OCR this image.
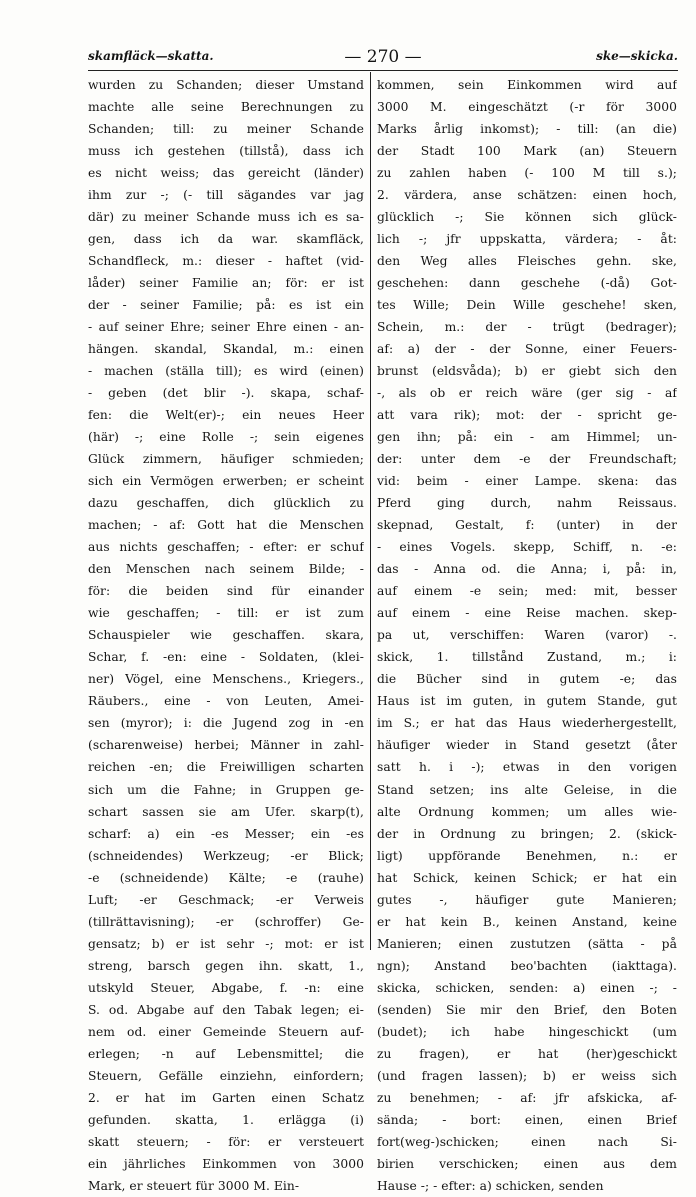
skamfläck—skatta.	— 270 —	ske—skicka.
wurden zu Schanden; dieser Umstand
machte alle seine Berechnungen zu
Schanden; till: zu meiner Schande
muss ich gestehen (tillstå), dass ich
es nicht weiss; das gereicht (länder)
ihm zur -; (- till sägandes var jag
där) zu meiner Schande muss ich es sa-
gen, dass ich da war. skamfläck,
Schandfleck, m.: dieser - haftet (vid-
låder) seiner Familie an; för: er ist
der - seiner Familie; på: es ist ein
- auf seiner Ehre; seiner Ehre einen - an-
hängen. skandal, Skandal, m.: einen
- machen (ställa till); es wird (einen)
- geben (det blir -). skapa, schaf-
fen: die Welt(er)-; ein neues Heer
(här) -; eine Rolle -; sein eigenes
Glück zimmern, häufiger schmieden;
sich ein Vermögen erwerben; er scheint
dazu geschaffen, dich glücklich zu
machen; - af: Gott hat die Menschen
aus nichts geschaffen; - efter: er schuf
den Menschen nach seinem Bilde; -
för: die beiden sind für einander
wie geschaffen; - till: er ist zum
Schauspieler wie geschaffen. skara,
Schar, f. -en: eine - Soldaten, (klei-
ner) Vögel, eine Menschens., Kriegers.,
Räubers., eine - von Leuten, Amei-
sen (myror); i: die Jugend zog in -en
(scharenweise) herbei; Männer in zahl-
reichen -en; die Freiwilligen scharten
sich um die Fahne; in Gruppen ge-
schart sassen sie am Ufer. skarp(t),
scharf: a) ein -es Messer; ein -es
(schneidendes) Werkzeug; -er Blick;
-e (schneidende) Kälte; -e (rauhe)
Luft; -er Geschmack; -er Verweis
(tillrättavisning); -er (schroffer) Ge-
gensatz; b) er ist sehr -; mot: er ist
streng, barsch gegen ihn. skatt, 1.,
utskyld Steuer, Abgabe, f. -n: eine
S. od. Abgabe auf den Tabak legen; ei-
nem od. einer Gemeinde Steuern auf-
erlegen; -n auf Lebensmittel; die
Steuern, Gefälle einziehn, einfordern;
2. er hat im Garten einen Schatz
gefunden. skatta, 1. erlägga (i)
skatt steuern; - för: er versteuert
ein jährliches Einkommen von 3000
Mark, er steuert für 3000 M. Ein-
kommen, sein Einkommen wird auf
3000 M. eingeschätzt (-r för 3000
Marks årlig inkomst); - till: (an die)
der Stadt 100 Mark (an) Steuern
zu zahlen haben (- 100 M till s.);
2. värdera, anse schätzen: einen hoch,
glücklich -; Sie können sich glück-
lich -; jfr uppskatta, värdera; - åt:
den Weg alles Fleisches gehn. ske,
geschehen: dann geschehe (-då) Got-
tes Wille; Dein Wille geschehe! sken,
Schein, m.: der - trügt (bedrager);
af: a) der - der Sonne, einer Feuers-
brunst (eldsvåda); b) er giebt sich den
-, als ob er reich wäre (ger sig - af
att vara rik); mot: der - spricht ge-
gen ihn; på: ein - am Himmel; un-
der: unter dem -e der Freundschaft;
vid: beim - einer Lampe. skena: das
Pferd ging durch, nahm Reissaus.
skepnad, Gestalt, f: (unter) in der
- eines Vogels. skepp, Schiff, n. -e:
das - Anna od. die Anna; i, på: in,
auf einem -e sein; med: mit, besser
auf einem - eine Reise machen. skep-
pa ut, verschiffen: Waren (varor) -.
skick, 1. tillstånd Zustand, m.; i:
die Bücher sind in gutem -e; das
Haus ist im guten, in gutem Stande, gut
im S.; er hat das Haus wiederhergestellt,
häufiger wieder in Stand gesetzt (åter
satt h. i -); etwas in den vorigen
Stand setzen; ins alte Geleise, in die
alte Ordnung kommen; um alles wie-
der in Ordnung zu bringen; 2. (skick-
ligt) uppförande Benehmen, n.: er
hat Schick, keinen Schick; er hat ein
gutes -, häufiger gute Manieren;
er hat kein B., keinen Anstand, keine
Manieren; einen zustutzen (sätta - på
ngn); Anstand beo'bachten (iakttaga).
skicka, schicken, senden: a) einen -; -
(senden) Sie mir den Brief, den Boten
(budet); ich habe hingeschickt (um
zu fragen), er hat (her)geschickt
(und fragen lassen); b) er weiss sich
zu benehmen; - af: jfr afskicka, af-
sända; - bort: einen, einen Brief
fort(weg-)schicken; einen nach Si-
birien verschicken; einen aus dem
Hause -; - efter: a) schicken, senden
